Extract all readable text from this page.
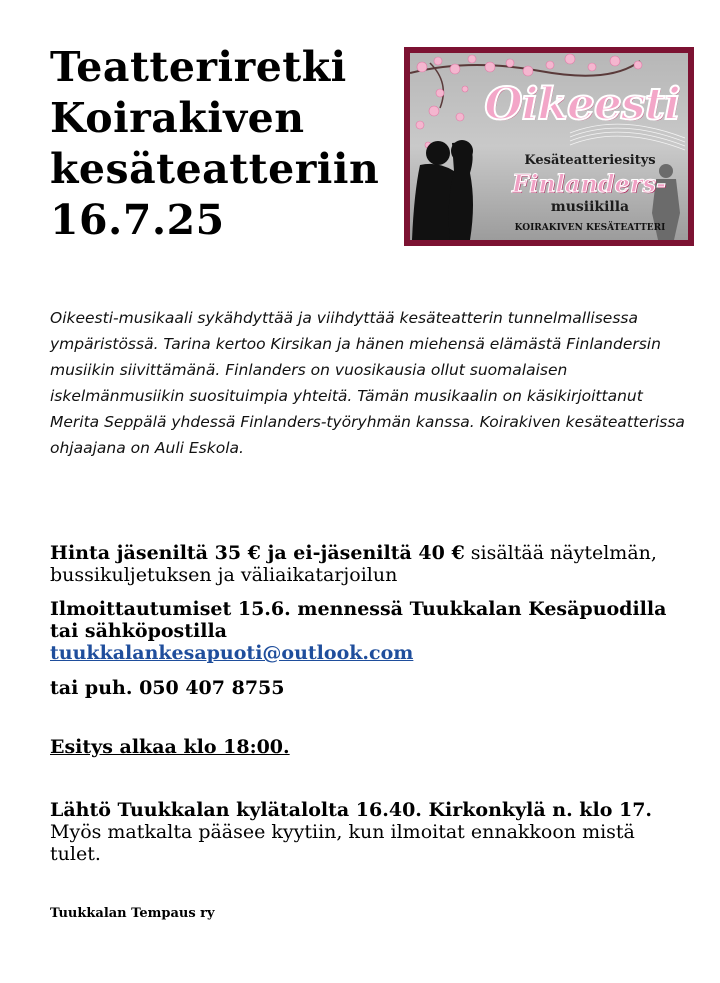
Teatteriretki
Koirakiven
kesäteatteriin
16.7.25
Oikeesti
Kesäteatteriesitys
Finlanders-
musiikilla
KOIRAKIVEN KESÄTEATTERI
Oikeesti-musikaali sykähdyttää ja viihdyttää kesäteatterin tunnelmallisessa ympäristössä. Tarina kertoo Kirsikan ja hänen miehensä elämästä Finlandersin musiikin siivittämänä. Finlanders on vuosikausia ollut suomalaisen iskelmänmusiikin suosituimpia yhteitä. Tämän musikaalin on käsikirjoittanut Merita Seppälä yhdessä Finlanders-työryhmän kanssa. Koirakiven kesäteatterissa ohjaajana on Auli Eskola.
Hinta jäseniltä 35 € ja ei-jäseniltä 40 € sisältää näytelmän, bussikuljetuksen ja väliaikatarjoilun
Ilmoittautumiset 15.6. mennessä Tuukkalan Kesäpuodilla tai sähköpostilla
tuukkalankesapuoti@outlook.com
tai puh. 050 407 8755
Esitys alkaa klo 18:00.
Lähtö Tuukkalan kylätalolta 16.40. Kirkonkylä n. klo 17. Myös matkalta pääsee kyytiin, kun ilmoitat ennakkoon mistä tulet.
Tuukkalan Tempaus ry
